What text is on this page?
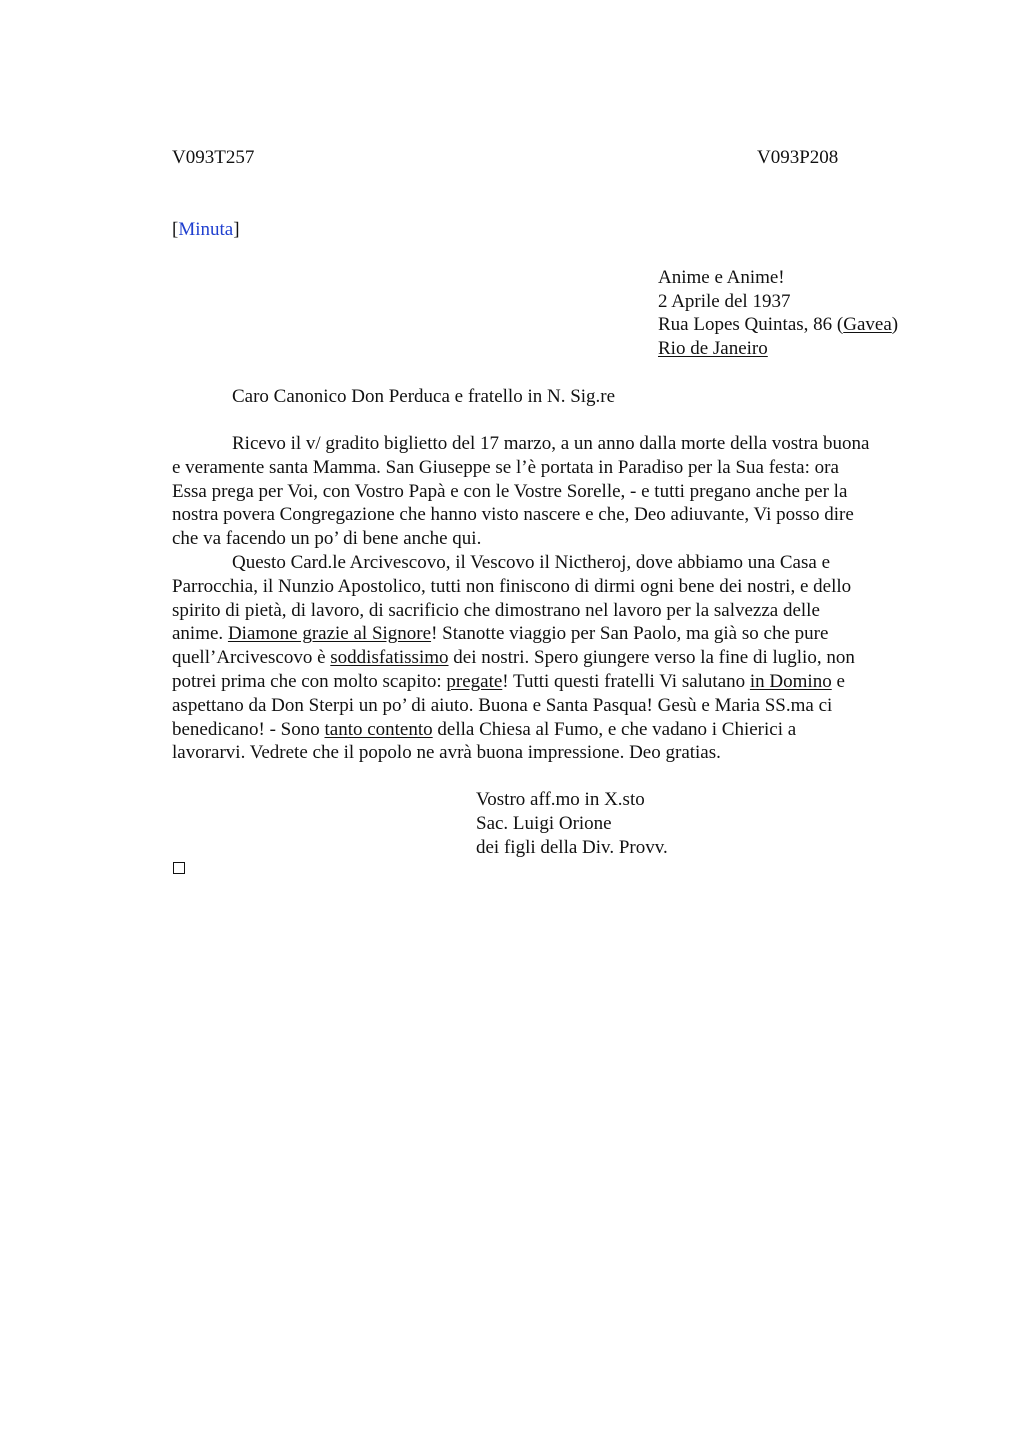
V093T257	V093P208
[Minuta]
Anime e Anime!
2 Aprile del 1937
Rua Lopes Quintas, 86 (Gavea)
Rio de Janeiro
Caro Canonico Don Perduca e fratello in N. Sig.re
Ricevo il v/ gradito biglietto del 17 marzo, a un anno dalla morte della vostra buona
e veramente santa Mamma. San Giuseppe se l’è portata in Paradiso per la Sua festa: ora
Essa prega per Voi, con Vostro Papà e con le Vostre Sorelle, - e tutti pregano anche per la
nostra povera Congregazione che hanno visto nascere e che, Deo adiuvante, Vi posso dire
che va facendo un po’ di bene anche qui.
Questo Card.le Arcivescovo, il Vescovo il Nictheroj, dove abbiamo una Casa e
Parrocchia, il Nunzio Apostolico, tutti non finiscono di dirmi ogni bene dei nostri, e dello
spirito di pietà, di lavoro, di sacrificio che dimostrano nel lavoro per la salvezza delle
anime. Diamone grazie al Signore! Stanotte viaggio per San Paolo, ma già so che pure
quell’Arcivescovo è soddisfatissimo dei nostri. Spero giungere verso la fine di luglio, non
potrei prima che con molto scapito: pregate! Tutti questi fratelli Vi salutano in Domino e
aspettano da Don Sterpi un po’ di aiuto. Buona e Santa Pasqua! Gesù e Maria SS.ma ci
benedicano! - Sono tanto contento della Chiesa al Fumo, e che vadano i Chierici a
lavorarvi. Vedrete che il popolo ne avrà buona impressione. Deo gratias.
Vostro aff.mo in X.sto
Sac. Luigi Orione
dei figli della Div. Provv.
